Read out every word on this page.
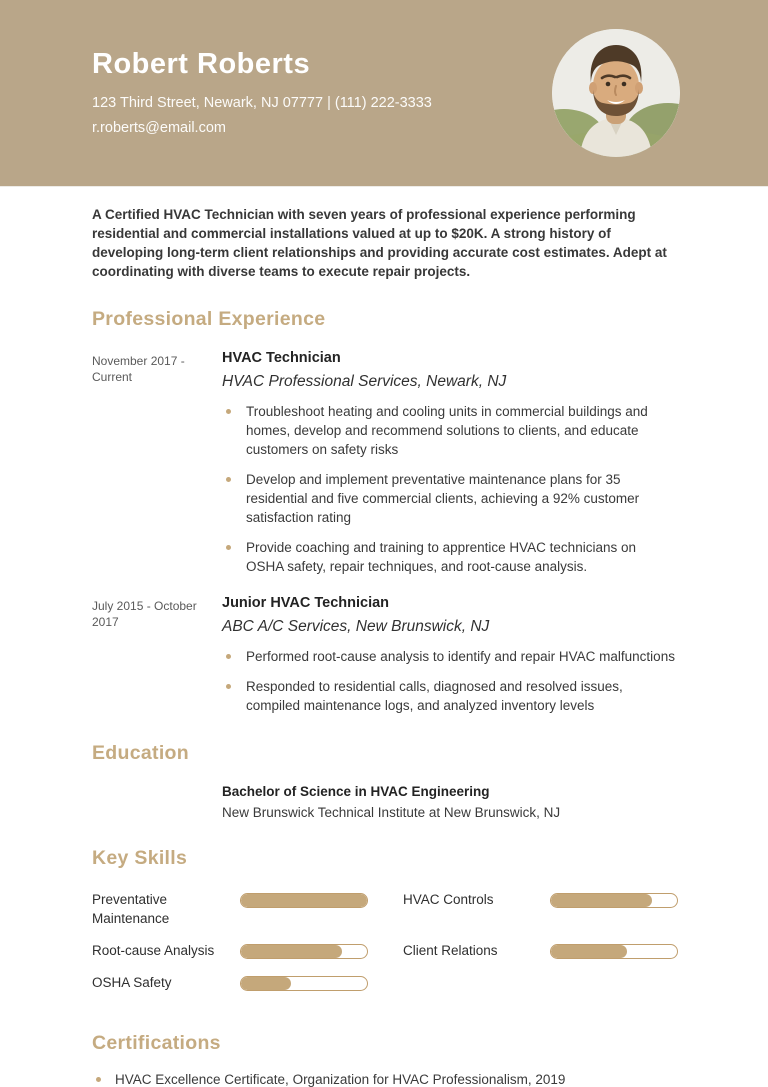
Robert Roberts
123 Third Street, Newark, NJ 07777 | (111) 222-3333
r.roberts@email.com

A Certified HVAC Technician with seven years of professional experience performing residential and commercial installations valued at up to $20K. A strong history of developing long-term client relationships and providing accurate cost estimates. Adept at coordinating with diverse teams to execute repair projects.

Professional Experience
November 2017 - Current
HVAC Technician
HVAC Professional Services, Newark, NJ
Troubleshoot heating and cooling units in commercial buildings and homes, develop and recommend solutions to clients, and educate customers on safety risks
Develop and implement preventative maintenance plans for 35 residential and five commercial clients, achieving a 92% customer satisfaction rating
Provide coaching and training to apprentice HVAC technicians on OSHA safety, repair techniques, and root-cause analysis.
July 2015 - October 2017
Junior HVAC Technician
ABC A/C Services, New Brunswick, NJ
Performed root-cause analysis to identify and repair HVAC malfunctions
Responded to residential calls, diagnosed and resolved issues, compiled maintenance logs, and analyzed inventory levels
Education
Bachelor of Science in HVAC Engineering
New Brunswick Technical Institute at New Brunswick, NJ
Key Skills
Preventative Maintenance
HVAC Controls
Root-cause Analysis	Client Relations
OSHA Safety
Certifications
HVAC Excellence Certificate, Organization for HVAC Professionalism, 2019
